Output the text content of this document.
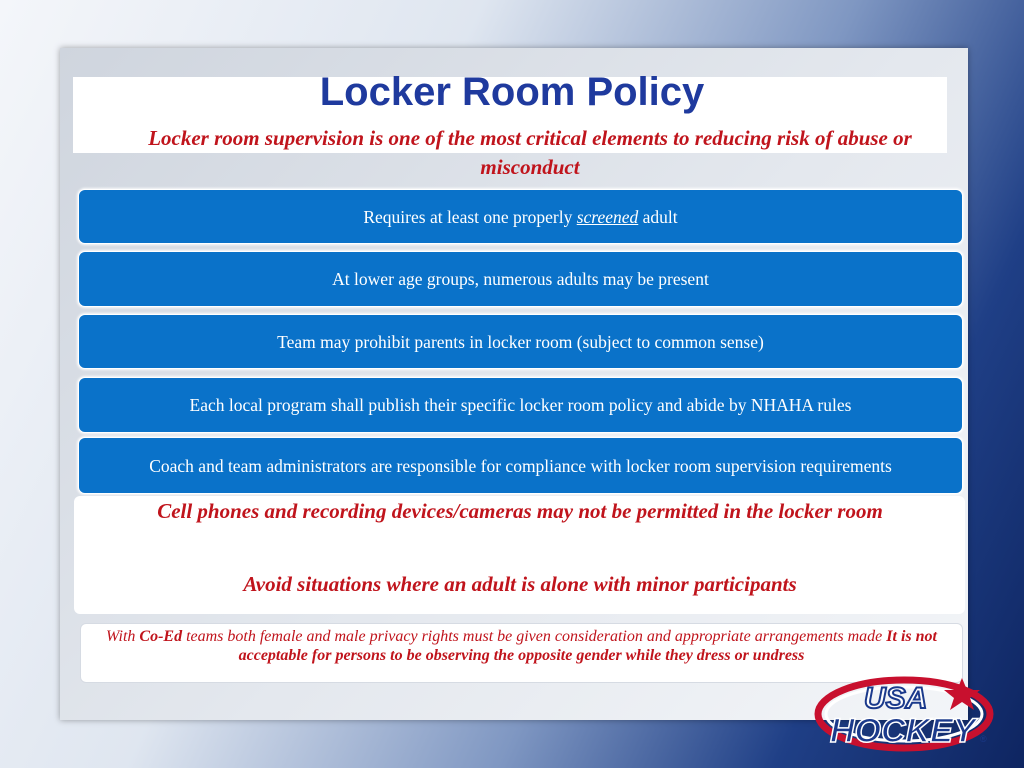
Locker Room Policy
Locker room supervision is one of the most critical elements to reducing risk of abuse or misconduct
Requires at least one properly screened adult
At lower age groups, numerous adults may be present
Team may prohibit parents in locker room (subject to common sense)
Each local program shall publish their specific locker room policy and abide by NHAHA rules
Coach and team administrators are responsible for compliance with locker room supervision requirements
Cell phones and recording devices/cameras may not be permitted in the locker room
Avoid situations where an adult is alone with minor participants
With Co-Ed teams both female and male privacy rights must be given consideration and appropriate arrangements made It is not acceptable for persons to be observing the opposite gender while they dress or undress
USA
HOCKEY ®
